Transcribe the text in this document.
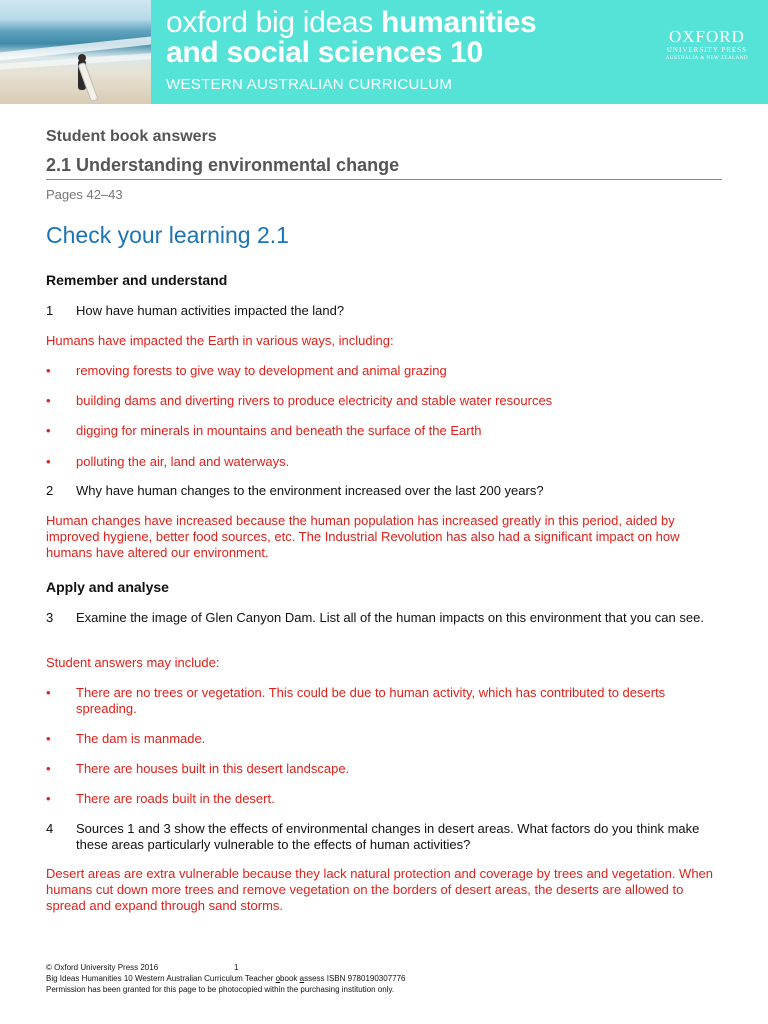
oxford big ideas humanities
and social sciences 10
WESTERN AUSTRALIAN CURRICULUM
OXFORD
UNIVERSITY PRESS
AUSTRALIA & NEW ZEALAND
Student book answers
2.1 Understanding environmental change
Pages 42–43
Check your learning 2.1
Remember and understand
1 How have human activities impacted the land?
Humans have impacted the Earth in various ways, including:
• removing forests to give way to development and animal grazing
• building dams and diverting rivers to produce electricity and stable water resources
• digging for minerals in mountains and beneath the surface of the Earth
• polluting the air, land and waterways.
2 Why have human changes to the environment increased over the last 200 years?
Human changes have increased because the human population has increased greatly in this period, aided by improved hygiene, better food sources, etc. The Industrial Revolution has also had a significant impact on how humans have altered our environment.
Apply and analyse
3 Examine the image of Glen Canyon Dam. List all of the human impacts on this environment that you can see.
Student answers may include:
• There are no trees or vegetation. This could be due to human activity, which has contributed to deserts spreading.
• The dam is manmade.
• There are houses built in this desert landscape.
• There are roads built in the desert.
4 Sources 1 and 3 show the effects of environmental changes in desert areas. What factors do you think make these areas particularly vulnerable to the effects of human activities?
Desert areas are extra vulnerable because they lack natural protection and coverage by trees and vegetation. When humans cut down more trees and remove vegetation on the borders of desert areas, the deserts are allowed to spread and expand through sand storms.
© Oxford University Press 2016	1
Big Ideas Humanities 10 Western Australian Curriculum Teacher obook assess ISBN 9780190307776
Permission has been granted for this page to be photocopied within the purchasing institution only.
